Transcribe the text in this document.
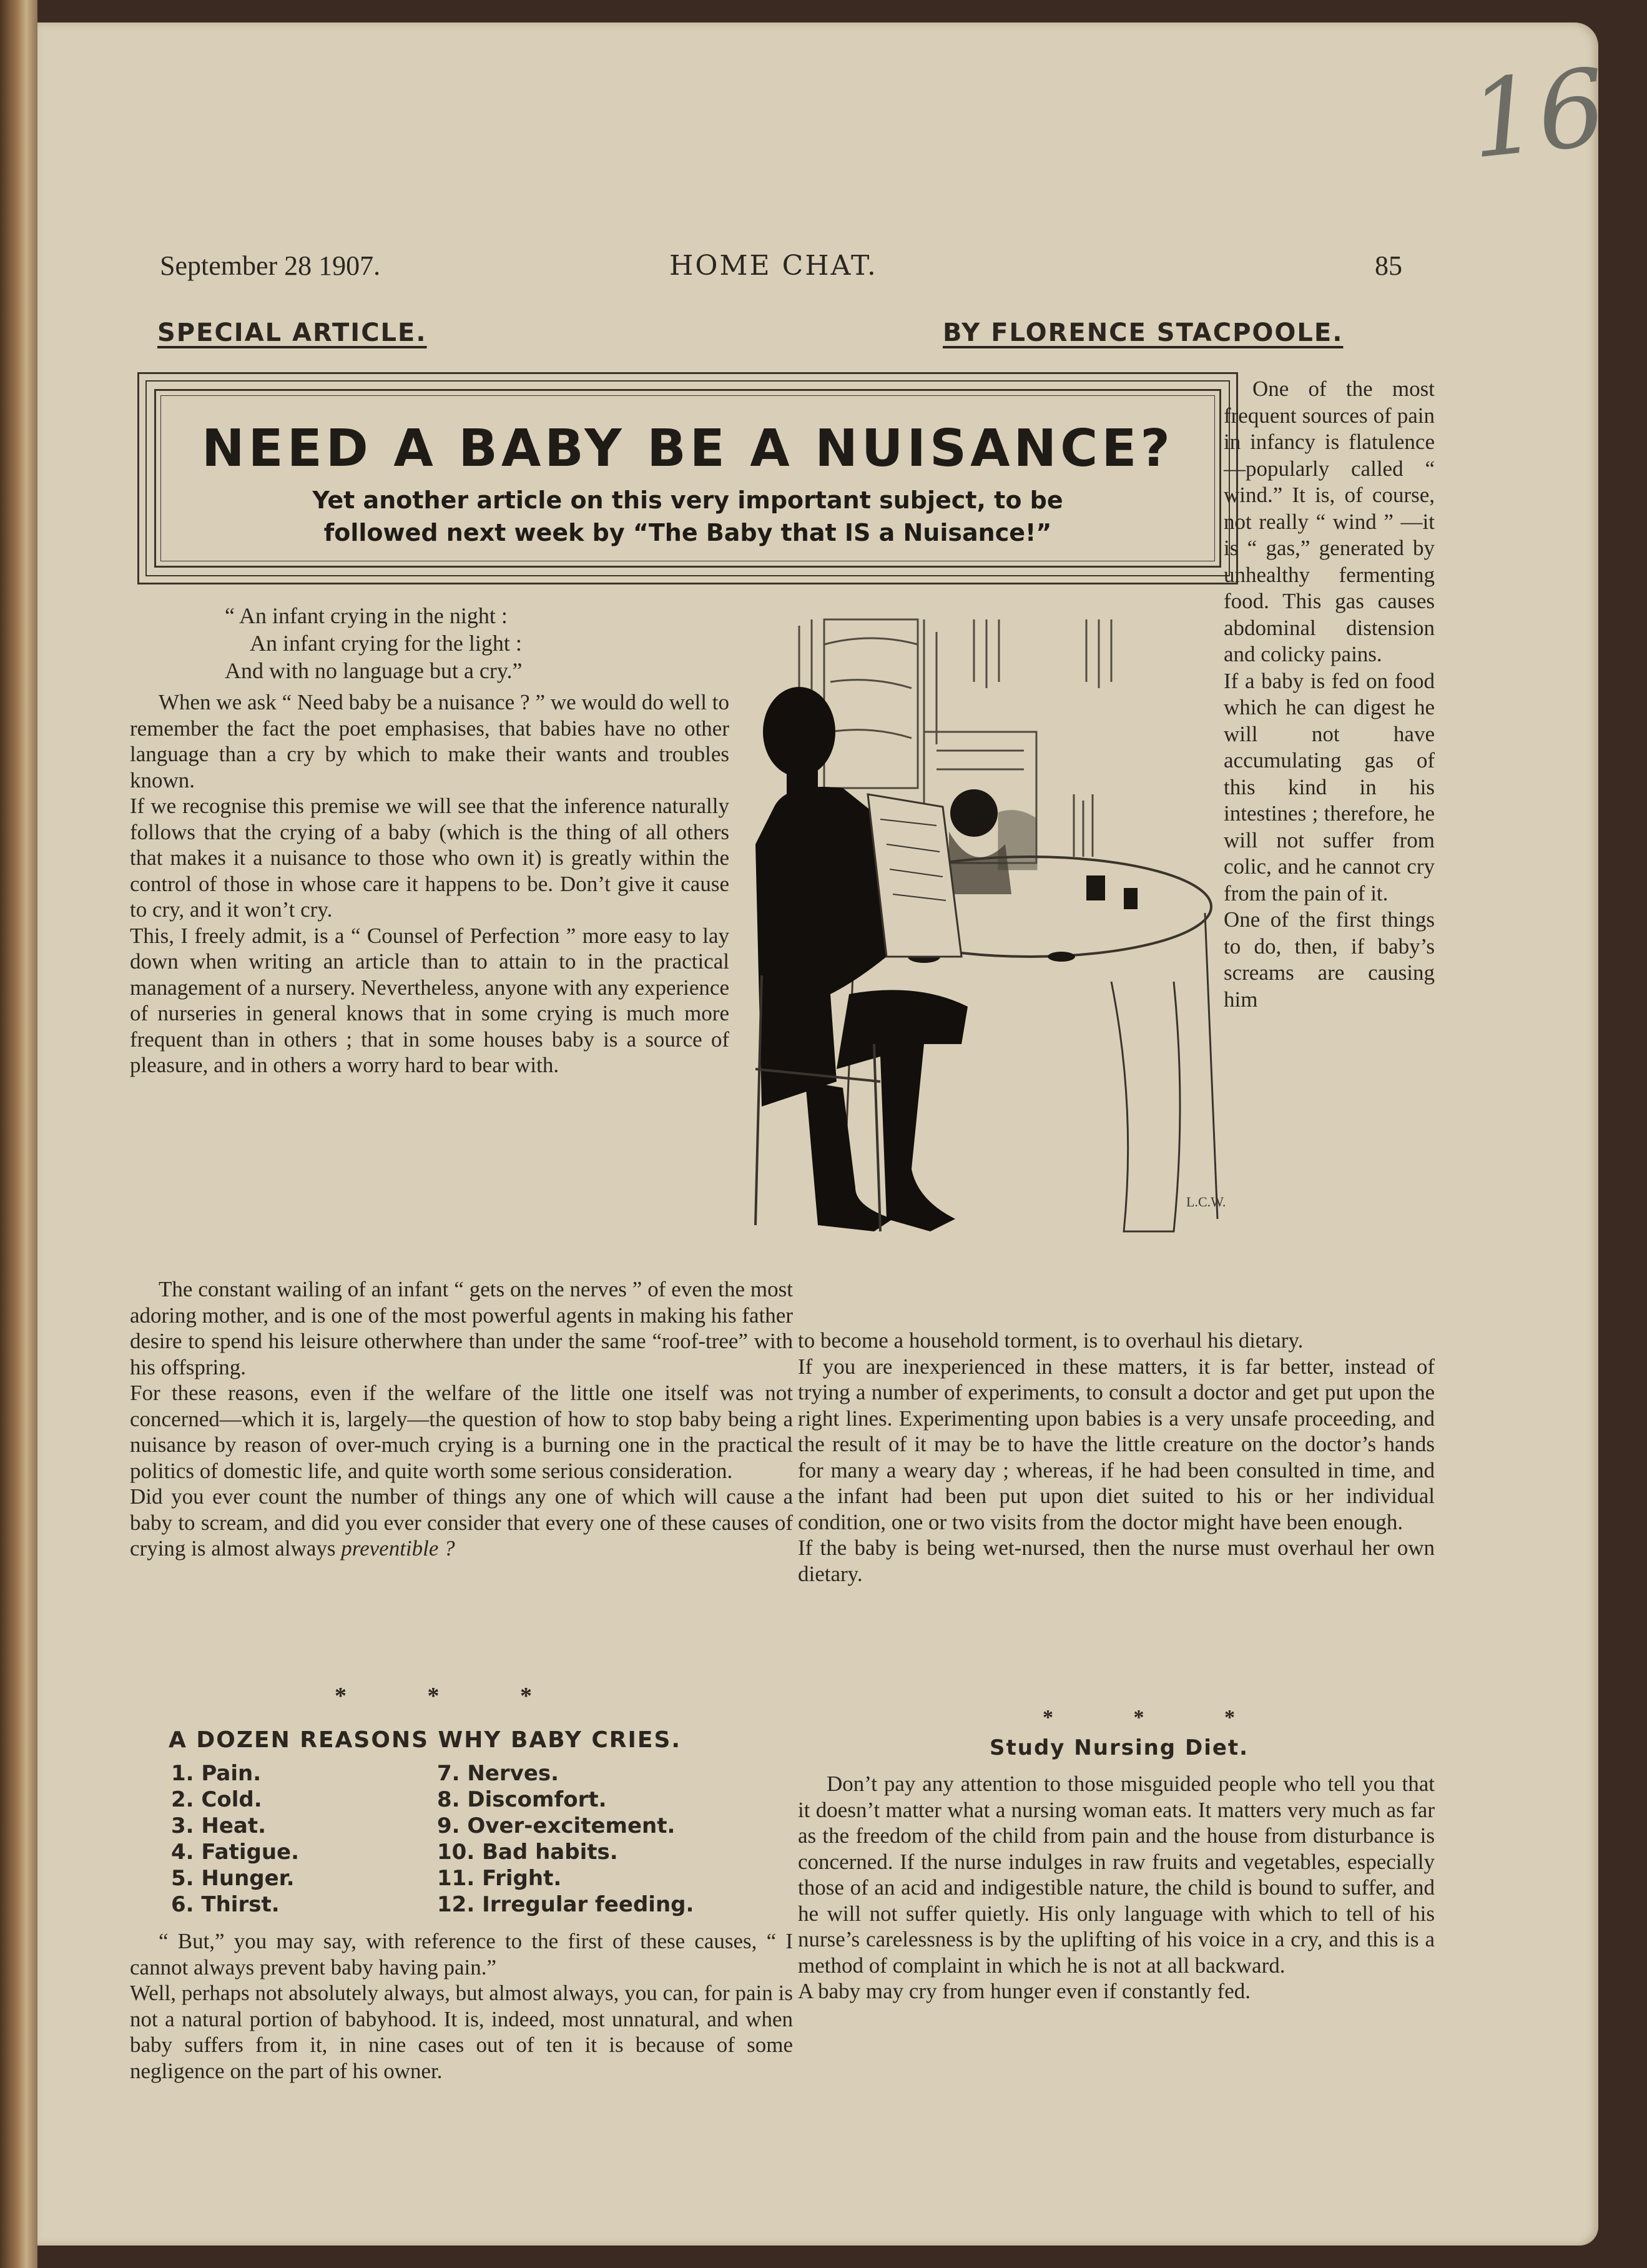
16
September 28 1907.	HOME CHAT.	85
SPECIAL ARTICLE.	BY FLORENCE STACPOOLE.
NEED A BABY BE A NUISANCE?
Yet another article on this very important subject, to be
followed next week by “The Baby that IS a Nuisance!”

One of the most frequent sources of pain in infancy is flatulence—popularly called “ wind.” It is, of course, not really “ wind ” —it is “ gas,” generated by unhealthy fermenting food. This gas causes abdominal distension and colicky pains.

If a baby is fed on food which he can digest he will not have accumulating gas of this kind in his intestines ; therefore, he will not suffer from colic, and he cannot cry from the pain of it.

One of the first things to do, then, if baby’s screams are causing him

“ An infant crying in the night :
An infant crying for the light :
And with no language but a cry.”

When we ask “ Need baby be a nuisance ? ” we would do well to remember the fact the poet emphasises, that babies have no other language than a cry by which to make their wants and troubles known.

If we recognise this premise we will see that the inference naturally follows that the crying of a baby (which is the thing of all others that makes it a nuisance to those who own it) is greatly within the control of those in whose care it happens to be. Don’t give it cause to cry, and it won’t cry.

This, I freely admit, is a “ Counsel of Perfection ” more easy to lay down when writing an article than to attain to in the practical management of a nursery. Nevertheless, anyone with any experience of nurseries in general knows that in some crying is much more frequent than in others ; that in some houses baby is a source of pleasure, and in others a worry hard to bear with.

The constant wailing of an infant “ gets on the nerves ” of even the most adoring mother, and is one of the most powerful agents in making his father desire to spend his leisure otherwhere than under the same “roof-tree” with his offspring.

For these reasons, even if the welfare of the little one itself was not concerned—which it is, largely—the question of how to stop baby being a nuisance by reason of over-much crying is a burning one in the practical politics of domestic life, and quite worth some serious consideration.

Did you ever count the number of things any one of which will cause a baby to scream, and did you ever consider that every one of these causes of crying is almost always preventible ?

* * *
A DOZEN REASONS WHY BABY CRIES.
1. Pain.
2. Cold.
3. Heat.
4. Fatigue.
5. Hunger.
6. Thirst.
7. Nerves.
8. Discomfort.
9. Over-excitement.
10. Bad habits.
11. Fright.
12. Irregular feeding.

“ But,” you may say, with reference to the first of these causes, “ I cannot always prevent baby having pain.”

Well, perhaps not absolutely always, but almost always, you can, for pain is not a natural portion of babyhood. It is, indeed, most unnatural, and when baby suffers from it, in nine cases out of ten it is because of some negligence on the part of his owner.

to become a household torment, is to overhaul his dietary.

If you are inexperienced in these matters, it is far better, instead of trying a number of experiments, to consult a doctor and get put upon the right lines. Experimenting upon babies is a very unsafe proceeding, and the result of it may be to have the little creature on the doctor’s hands for many a weary day ; whereas, if he had been consulted in time, and the infant had been put upon diet suited to his or her individual condition, one or two visits from the doctor might have been enough.

If the baby is being wet-nursed, then the nurse must overhaul her own dietary.

* * *
Study Nursing Diet.

Don’t pay any attention to those misguided people who tell you that it doesn’t matter what a nursing woman eats. It matters very much as far as the freedom of the child from pain and the house from disturbance is concerned. If the nurse indulges in raw fruits and vegetables, especially those of an acid and indigestible nature, the child is bound to suffer, and he will not suffer quietly. His only language with which to tell of his nurse’s carelessness is by the uplifting of his voice in a cry, and this is a method of complaint in which he is not at all backward.

A baby may cry from hunger even if constantly fed.

L.C.W.
